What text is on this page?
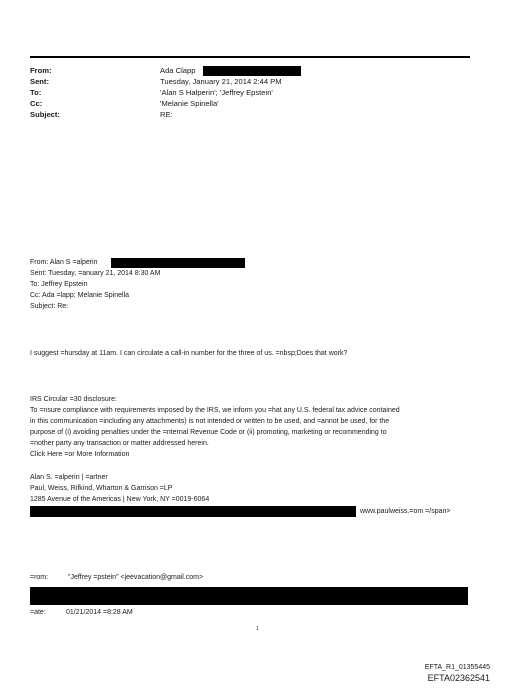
From:	Ada Clapp
Sent:	Tuesday, January 21, 2014 2:44 PM
To:	'Alan S Halperin'; 'Jeffrey Epstein'
Cc:	'Melanie Spinella'
Subject:	RE:
From: Alan S =alperin
Sent: Tuesday, =anuary 21, 2014 8:30 AM
To: Jeffrey Epstein
Cc: Ada =lapp; Melanie Spinella
Subject: Re:
I suggest =hursday at 11am. I can circulate a call-in number for the three of us. =nbsp;Does that work?
IRS Circular =30 disclosure:
To =nsure compliance with requirements imposed by the IRS, we inform you =hat any U.S. federal tax advice contained
in this communication =including any attachments) is not intended or written to be used, and =annot be used, for the
purpose of (i) avoiding penalties under the =nternal Revenue Code or (ii) promoting, marketing or recommending to
=nother party any transaction or matter addressed herein.
Click Here =or More Information
Alan S. =alperin | =artner
Paul, Weiss, Rifkind, Wharton & Garrison =LP
1285 Avenue of the Americas | New York, NY =0019-6064
www.paulweiss.=om =/span>
=rom:	"Jeffrey =pstein" <jeevacation@gmail.com>
=ate:	01/21/2014 =8:28 AM
1
EFTA_R1_01355445
EFTA02362541
